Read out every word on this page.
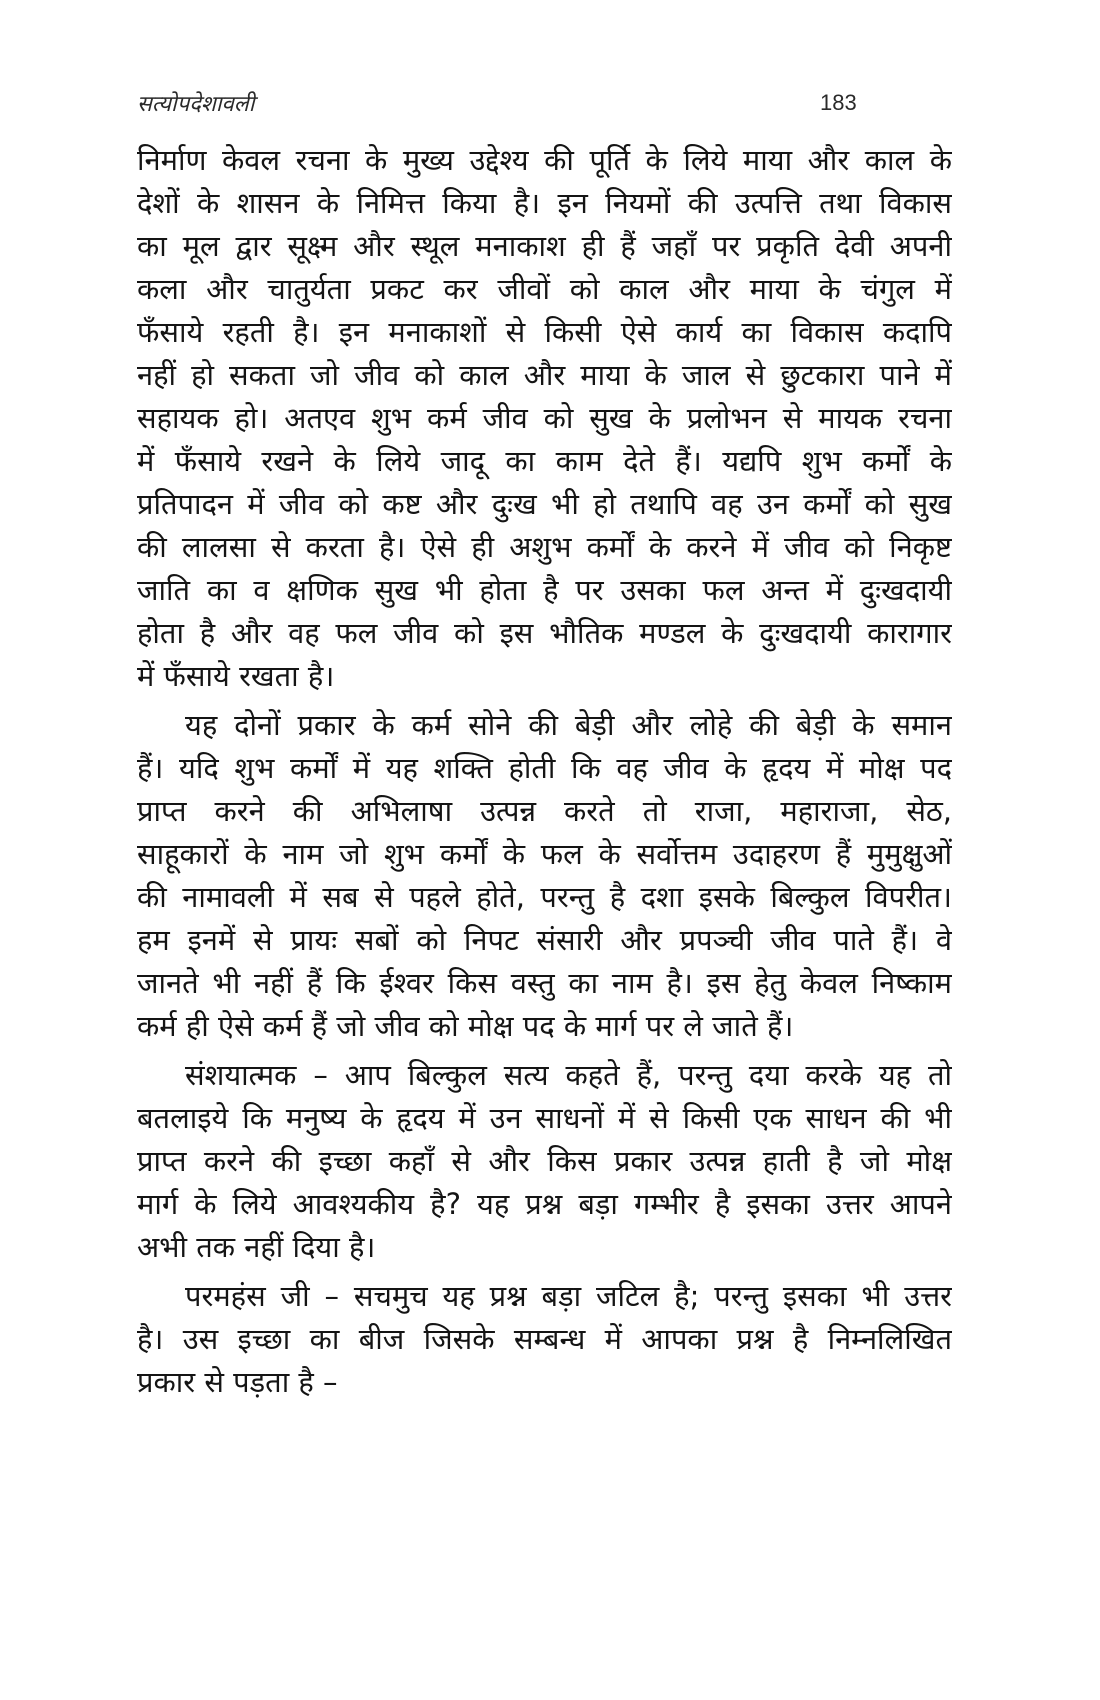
सत्योपदेशावली	183
निर्माण केवल रचना के मुख्य उद्देश्य की पूर्ति के लिये माया और काल के
देशों के शासन के निमित्त किया है। इन नियमों की उत्पत्ति तथा विकास
का मूल द्वार सूक्ष्म और स्थूल मनाकाश ही हैं जहाँ पर प्रकृति देवी अपनी
कला और चातुर्यता प्रकट कर जीवों को काल और माया के चंगुल में
फँसाये रहती है। इन मनाकाशों से किसी ऐसे कार्य का विकास कदापि
नहीं हो सकता जो जीव को काल और माया के जाल से छुटकारा पाने में
सहायक हो। अतएव शुभ कर्म जीव को सुख के प्रलोभन से मायक रचना
में फँसाये रखने के लिये जादू का काम देते हैं। यद्यपि शुभ कर्मों के
प्रतिपादन में जीव को कष्ट और दुःख भी हो तथापि वह उन कर्मों को सुख
की लालसा से करता है। ऐसे ही अशुभ कर्मों के करने में जीव को निकृष्ट
जाति का व क्षणिक सुख भी होता है पर उसका फल अन्त में दुःखदायी
होता है और वह फल जीव को इस भौतिक मण्डल के दुःखदायी कारागार
में फँसाये रखता है।
यह दोनों प्रकार के कर्म सोने की बेड़ी और लोहे की बेड़ी के समान
हैं। यदि शुभ कर्मों में यह शक्ति होती कि वह जीव के हृदय में मोक्ष पद
प्राप्त करने की अभिलाषा उत्पन्न करते तो राजा, महाराजा, सेठ,
साहूकारों के नाम जो शुभ कर्मों के फल के सर्वोत्तम उदाहरण हैं मुमुक्षुओं
की नामावली में सब से पहले होते, परन्तु है दशा इसके बिल्कुल विपरीत।
हम इनमें से प्रायः सबों को निपट संसारी और प्रपञ्ची जीव पाते हैं। वे
जानते भी नहीं हैं कि ईश्वर किस वस्तु का नाम है। इस हेतु केवल निष्काम
कर्म ही ऐसे कर्म हैं जो जीव को मोक्ष पद के मार्ग पर ले जाते हैं।
संशयात्मक – आप बिल्कुल सत्य कहते हैं, परन्तु दया करके यह तो
बतलाइये कि मनुष्य के हृदय में उन साधनों में से किसी एक साधन की भी
प्राप्त करने की इच्छा कहाँ से और किस प्रकार उत्पन्न हाती है जो मोक्ष
मार्ग के लिये आवश्यकीय है? यह प्रश्न बड़ा गम्भीर है इसका उत्तर आपने
अभी तक नहीं दिया है।
परमहंस जी – सचमुच यह प्रश्न बड़ा जटिल है; परन्तु इसका भी उत्तर
है। उस इच्छा का बीज जिसके सम्बन्ध में आपका प्रश्न है निम्नलिखित
प्रकार से पड़ता है –
